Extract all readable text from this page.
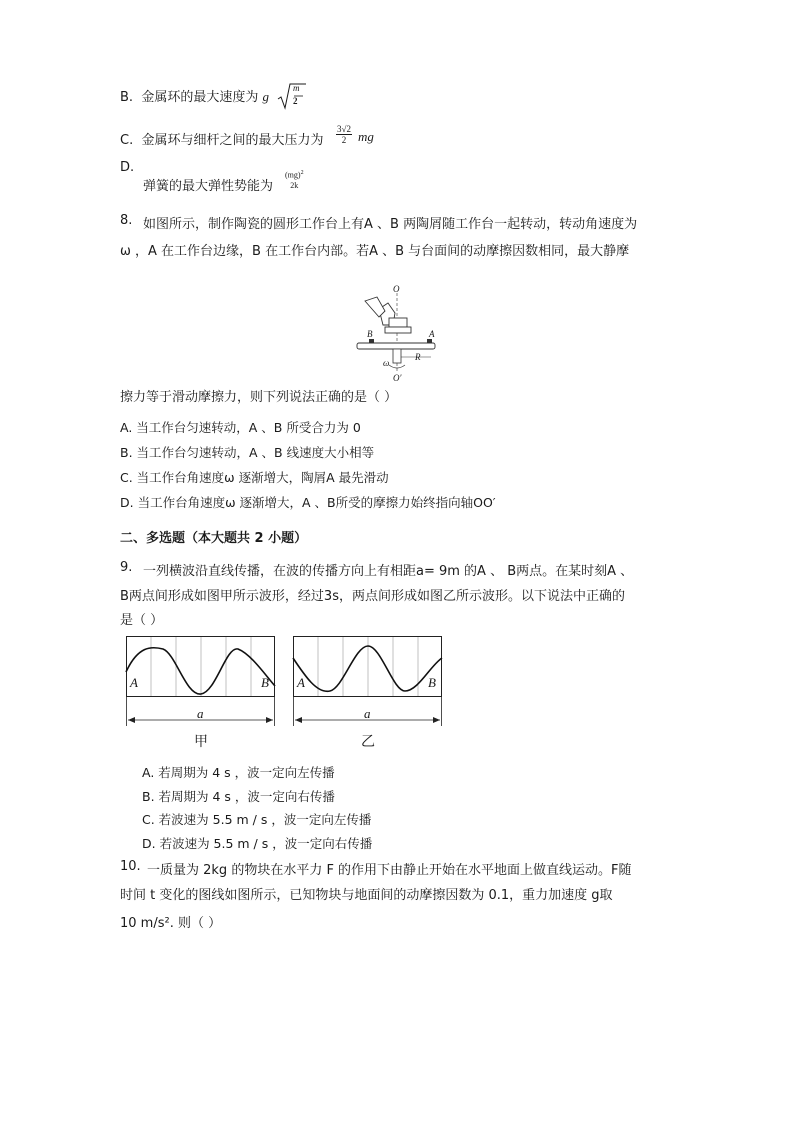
B. 金属环的最大速度为 g
m
2
C. 金属环与细杆之间的最大压力为 $\frac{3√2}{2}$ mg
D.
弹簧的最大弹性势能为
(mg)$^2$
2k
8. 如图所示，制作陶瓷的圆形工作台上有A 、B 两陶屑随工作台一起转动，转动角速度为
ω ，A 在工作台边缘，B 在工作台内部。若A 、B 与台面间的动摩擦因数相同，最大静摩
O
B	A
R
ω
O′
擦力等于滑动摩擦力，则下列说法正确的是（ ）
A. 当工作台匀速转动，A 、B 所受合力为 0
B. 当工作台匀速转动，A 、B 线速度大小相等
C. 当工作台角速度ω 逐渐增大，陶屑A 最先滑动
D. 当工作台角速度ω 逐渐增大，A 、B所受的摩擦力始终指向轴OO′
二、多选题（本大题共 2 小题）
9. 一列横波沿直线传播，在波的传播方向上有相距a= 9m 的A 、 B两点。在某时刻A 、
B两点间形成如图甲所示波形，经过3s，两点间形成如图乙所示波形。以下说法中正确的
是（ ）
A	B
a
甲
A	B
a
乙
A. 若周期为 4 s ，波一定向左传播
B. 若周期为 4 s ，波一定向右传播
C. 若波速为 5.5 m / s ，波一定向左传播
D. 若波速为 5.5 m / s ，波一定向右传播
10. 一质量为 2kg 的物块在水平力 F 的作用下由静止开始在水平地面上做直线运动。F随
时间 t 变化的图线如图所示，已知物块与地面间的动摩擦因数为 0.1，重力加速度 g取
10 m/s². 则（ ）
